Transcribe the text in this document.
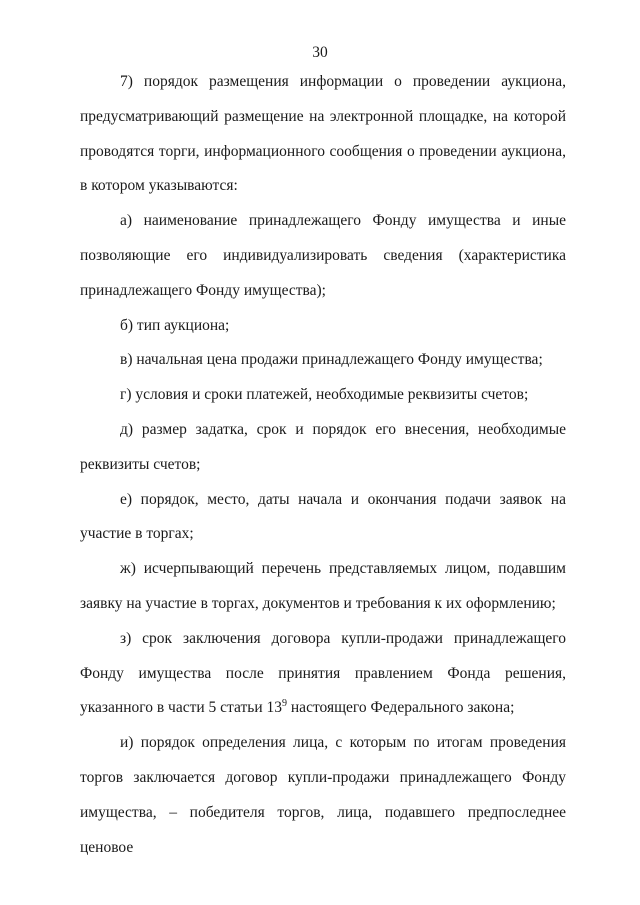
30

7) порядок размещения информации о проведении аукциона, предусматривающий размещение на электронной площадке, на которой проводятся торги, информационного сообщения о проведении аукциона, в котором указываются:

а) наименование принадлежащего Фонду имущества и иные позволяющие его индивидуализировать сведения (характеристика принадлежащего Фонду имущества);

б) тип аукциона;

в) начальная цена продажи принадлежащего Фонду имущества;

г) условия и сроки платежей, необходимые реквизиты счетов;

д) размер задатка, срок и порядок его внесения, необходимые реквизиты счетов;

е) порядок, место, даты начала и окончания подачи заявок на участие в торгах;

ж) исчерпывающий перечень представляемых лицом, подавшим заявку на участие в торгах, документов и требования к их оформлению;

з) срок заключения договора купли-продажи принадлежащего Фонду имущества после принятия правлением Фонда решения, указанного в части 5 статьи $13^9$ настоящего Федерального закона;

и) порядок определения лица, с которым по итогам проведения торгов заключается договор купли-продажи принадлежащего Фонду имущества, – победителя торгов, лица, подавшего предпоследнее ценовое
